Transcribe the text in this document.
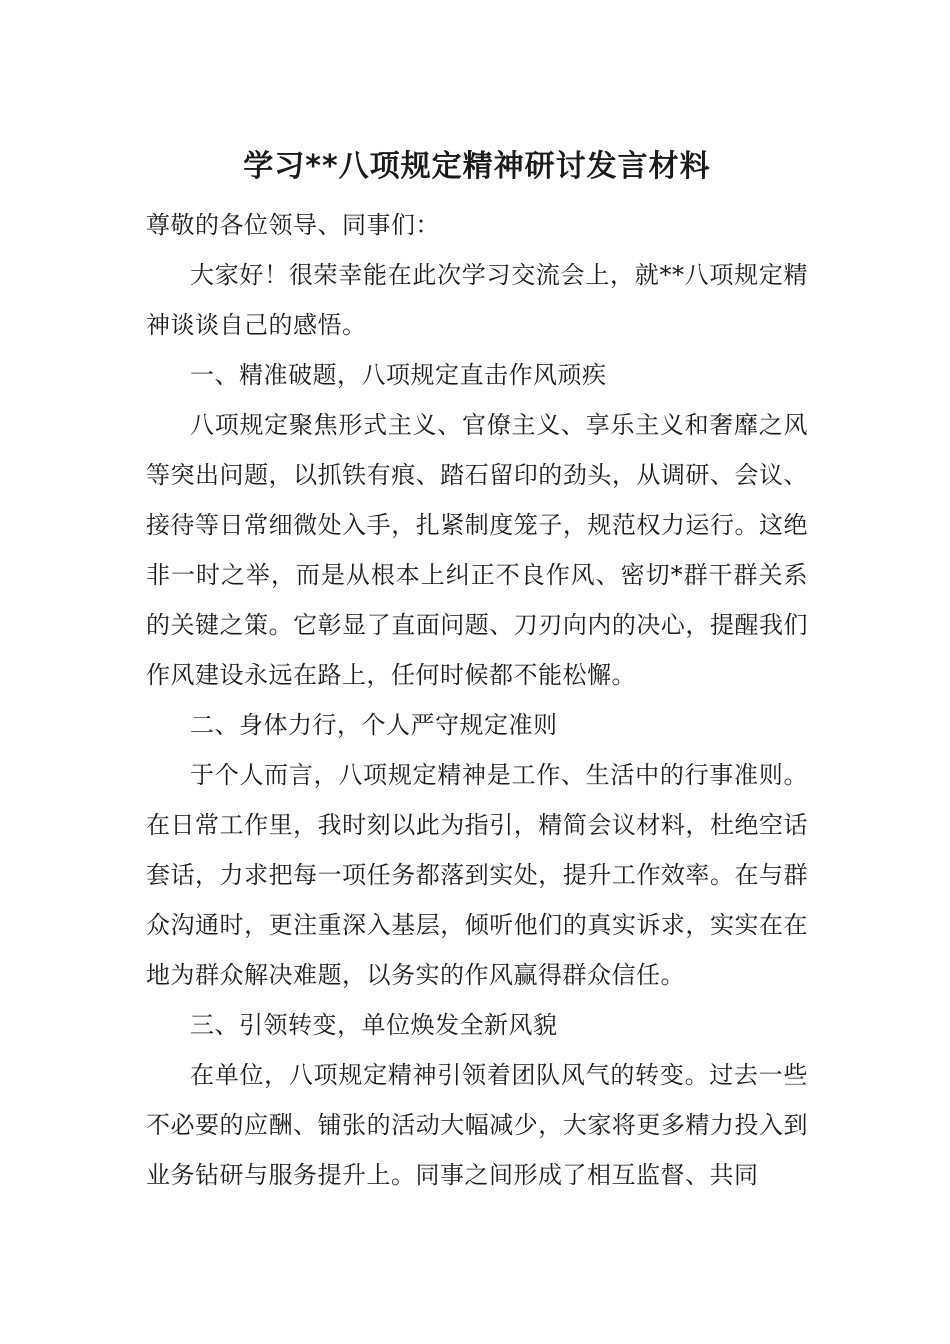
学习**八项规定精神研讨发言材料

尊敬的各位领导、同事们：

大家好！很荣幸能在此次学习交流会上，就**八项规定精神谈谈自己的感悟。

一、精准破题，八项规定直击作风顽疾

八项规定聚焦形式主义、官僚主义、享乐主义和奢靡之风等突出问题，以抓铁有痕、踏石留印的劲头，从调研、会议、接待等日常细微处入手，扎紧制度笼子，规范权力运行。这绝非一时之举，而是从根本上纠正不良作风、密切*群干群关系的关键之策。它彰显了直面问题、刀刃向内的决心，提醒我们作风建设永远在路上，任何时候都不能松懈。

二、身体力行，个人严守规定准则

于个人而言，八项规定精神是工作、生活中的行事准则。在日常工作里，我时刻以此为指引，精简会议材料，杜绝空话套话，力求把每一项任务都落到实处，提升工作效率。在与群众沟通时，更注重深入基层，倾听他们的真实诉求，实实在在地为群众解决难题，以务实的作风赢得群众信任。

三、引领转变，单位焕发全新风貌

在单位，八项规定精神引领着团队风气的转变。过去一些不必要的应酬、铺张的活动大幅减少，大家将更多精力投入到业务钻研与服务提升上。同事之间形成了相互监督、共同
